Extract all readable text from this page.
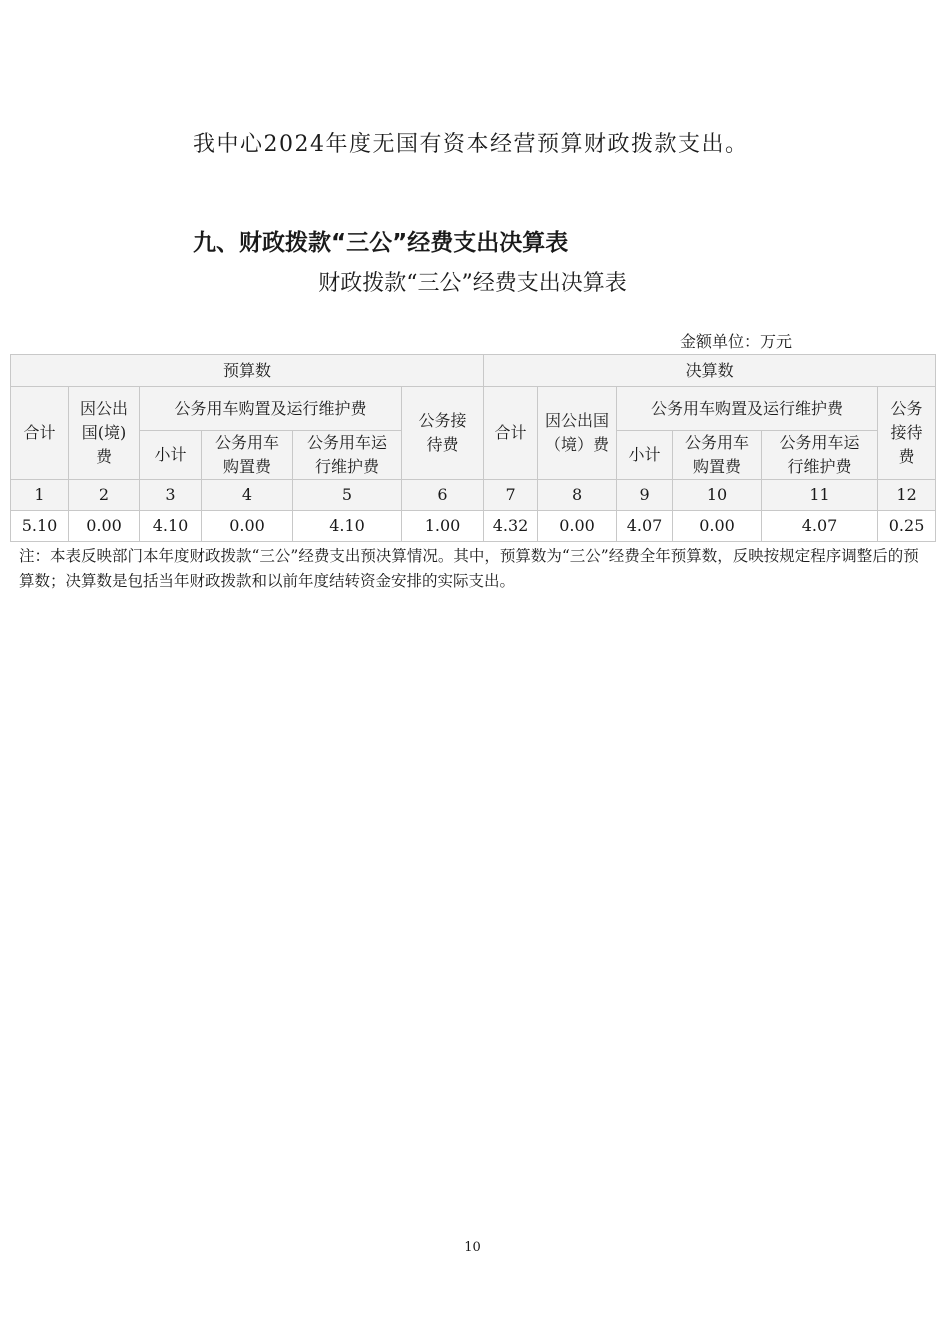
我中心2024年度无国有资本经营预算财政拨款支出。
九、财政拨款“三公”经费支出决算表
财政拨款“三公”经费支出决算表
金额单位：万元
预算数						决算数					
合计	因公出国(境)费	公务用车购置及运行维护费			公务接待费	合计	因公出国（境）费	公务用车购置及运行维护费			公务接待费
		小计	公务用车购置费	公务用车运行维护费				小计	公务用车购置费	公务用车运行维护费	
1	2	3	4	5	6	7	8	9	10	11	12
5.10	0.00	4.10	0.00	4.10	1.00	4.32	0.00	4.07	0.00	4.07	0.25
注：本表反映部门本年度财政拨款“三公”经费支出预决算情况。其中，预算数为“三公”经费全年预算数，反映按规定程序调整后的预算数；决算数是包括当年财政拨款和以前年度结转资金安排的实际支出。
10
